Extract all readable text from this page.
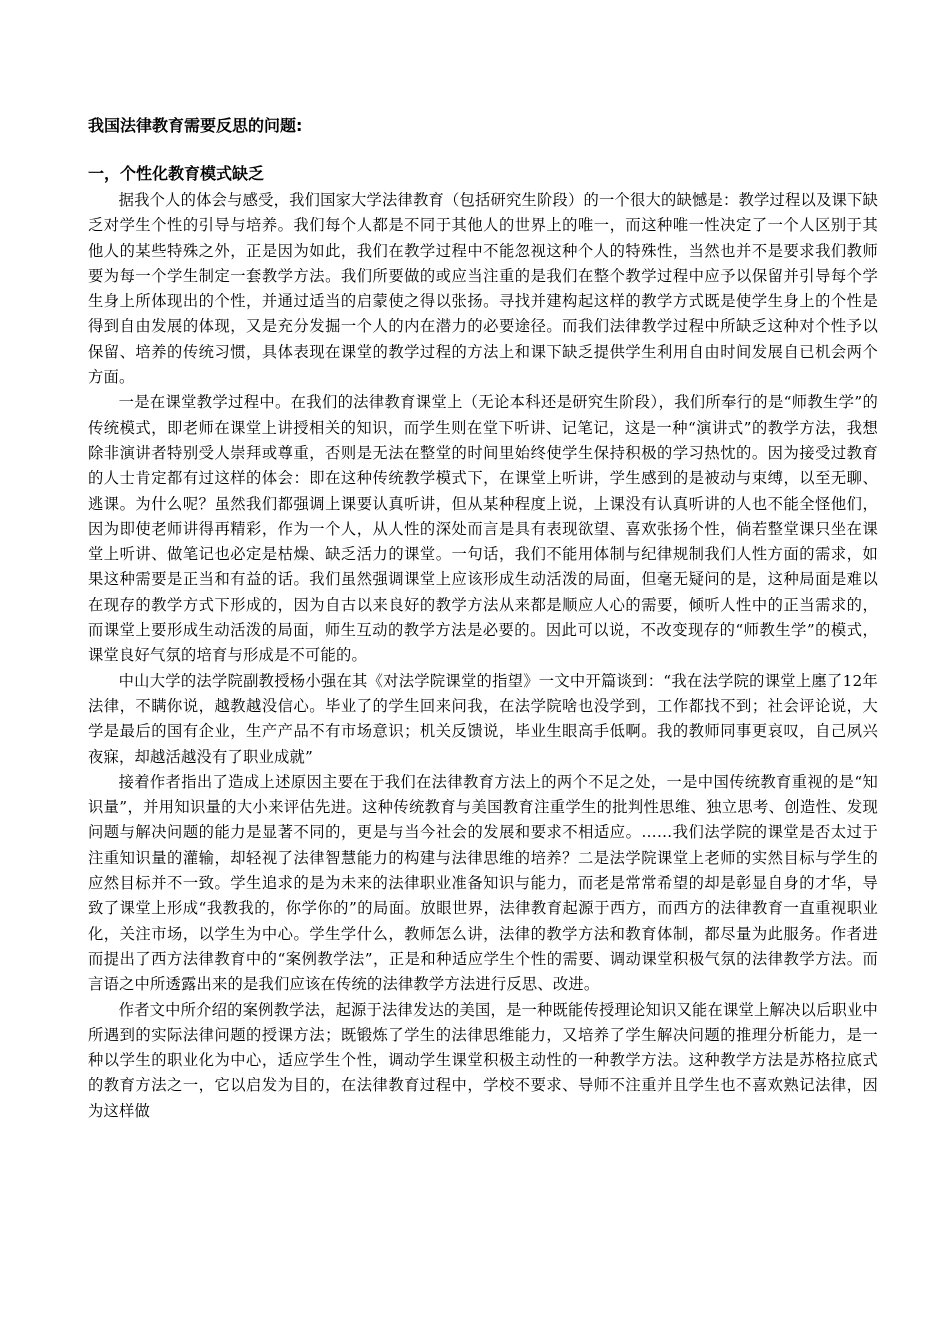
我国法律教育需要反思的问题:
一，个性化教育模式缺乏

据我个人的体会与感受，我们国家大学法律教育（包括研究生阶段）的一个很大的缺憾是：教学过程以及课下缺乏对学生个性的引导与培养。我们每个人都是不同于其他人的世界上的唯一，而这种唯一性决定了一个人区别于其他人的某些特殊之外，正是因为如此，我们在教学过程中不能忽视这种个人的特殊性，当然也并不是要求我们教师要为每一个学生制定一套教学方法。我们所要做的或应当注重的是我们在整个教学过程中应予以保留并引导每个学生身上所体现出的个性，并通过适当的启蒙使之得以张扬。寻找并建构起这样的教学方式既是使学生身上的个性是得到自由发展的体现，又是充分发掘一个人的内在潜力的必要途径。而我们法律教学过程中所缺乏这种对个性予以保留、培养的传统习惯，具体表现在课堂的教学过程的方法上和课下缺乏提供学生利用自由时间发展自已机会两个方面。

一是在课堂教学过程中。在我们的法律教育课堂上（无论本科还是研究生阶段），我们所奉行的是“师教生学”的传统模式，即老师在课堂上讲授相关的知识，而学生则在堂下听讲、记笔记，这是一种“演讲式”的教学方法，我想除非演讲者特别受人崇拜或尊重，否则是无法在整堂的时间里始终使学生保持积极的学习热忱的。因为接受过教育的人士肯定都有过这样的体会：即在这种传统教学模式下，在课堂上听讲，学生感到的是被动与束缚，以至无聊、逃课。为什么呢？虽然我们都强调上课要认真听讲，但从某种程度上说，上课没有认真听讲的人也不能全怪他们，因为即使老师讲得再精彩，作为一个人，从人性的深处而言是具有表现欲望、喜欢张扬个性，倘若整堂课只坐在课堂上听讲、做笔记也必定是枯燥、缺乏活力的课堂。一句话，我们不能用体制与纪律规制我们人性方面的需求，如果这种需要是正当和有益的话。我们虽然强调课堂上应该形成生动活泼的局面，但毫无疑问的是，这种局面是难以在现存的教学方式下形成的，因为自古以来良好的教学方法从来都是顺应人心的需要，倾听人性中的正当需求的，而课堂上要形成生动活泼的局面，师生互动的教学方法是必要的。因此可以说，不改变现存的“师教生学”的模式，课堂良好气氛的培育与形成是不可能的。

中山大学的法学院副教授杨小强在其《对法学院课堂的指望》一文中开篇谈到：“我在法学院的课堂上廛了12年法律，不瞒你说，越教越没信心。毕业了的学生回来问我，在法学院啥也没学到，工作都找不到；社会评论说，大学是最后的国有企业，生产产品不有市场意识；机关反馈说，毕业生眼高手低啊。我的教师同事更哀叹，自己夙兴夜寐，却越活越没有了职业成就”

接着作者指出了造成上述原因主要在于我们在法律教育方法上的两个不足之处，一是中国传统教育重视的是“知识量”，并用知识量的大小来评估先进。这种传统教育与美国教育注重学生的批判性思维、独立思考、创造性、发现问题与解决问题的能力是显著不同的，更是与当今社会的发展和要求不相适应。……我们法学院的课堂是否太过于注重知识量的灌输，却轻视了法律智慧能力的构建与法律思维的培养？二是法学院课堂上老师的实然目标与学生的应然目标并不一致。学生追求的是为未来的法律职业准备知识与能力，而老是常常希望的却是彰显自身的才华，导致了课堂上形成“我教我的，你学你的”的局面。放眼世界，法律教育起源于西方，而西方的法律教育一直重视职业化，关注市场，以学生为中心。学生学什么，教师怎么讲，法律的教学方法和教育体制，都尽量为此服务。作者进而提出了西方法律教育中的“案例教学法”，正是和种适应学生个性的需要、调动课堂积极气氛的法律教学方法。而言语之中所透露出来的是我们应该在传统的法律教学方法进行反思、改进。

作者文中所介绍的案例教学法，起源于法律发达的美国，是一种既能传授理论知识又能在课堂上解决以后职业中所遇到的实际法律问题的授课方法；既锻炼了学生的法律思维能力，又培养了学生解决问题的推理分析能力，是一种以学生的职业化为中心，适应学生个性，调动学生课堂积极主动性的一种教学方法。这种教学方法是苏格拉底式的教育方法之一，它以启发为目的，在法律教育过程中，学校不要求、导师不注重并且学生也不喜欢熟记法律，因为这样做
